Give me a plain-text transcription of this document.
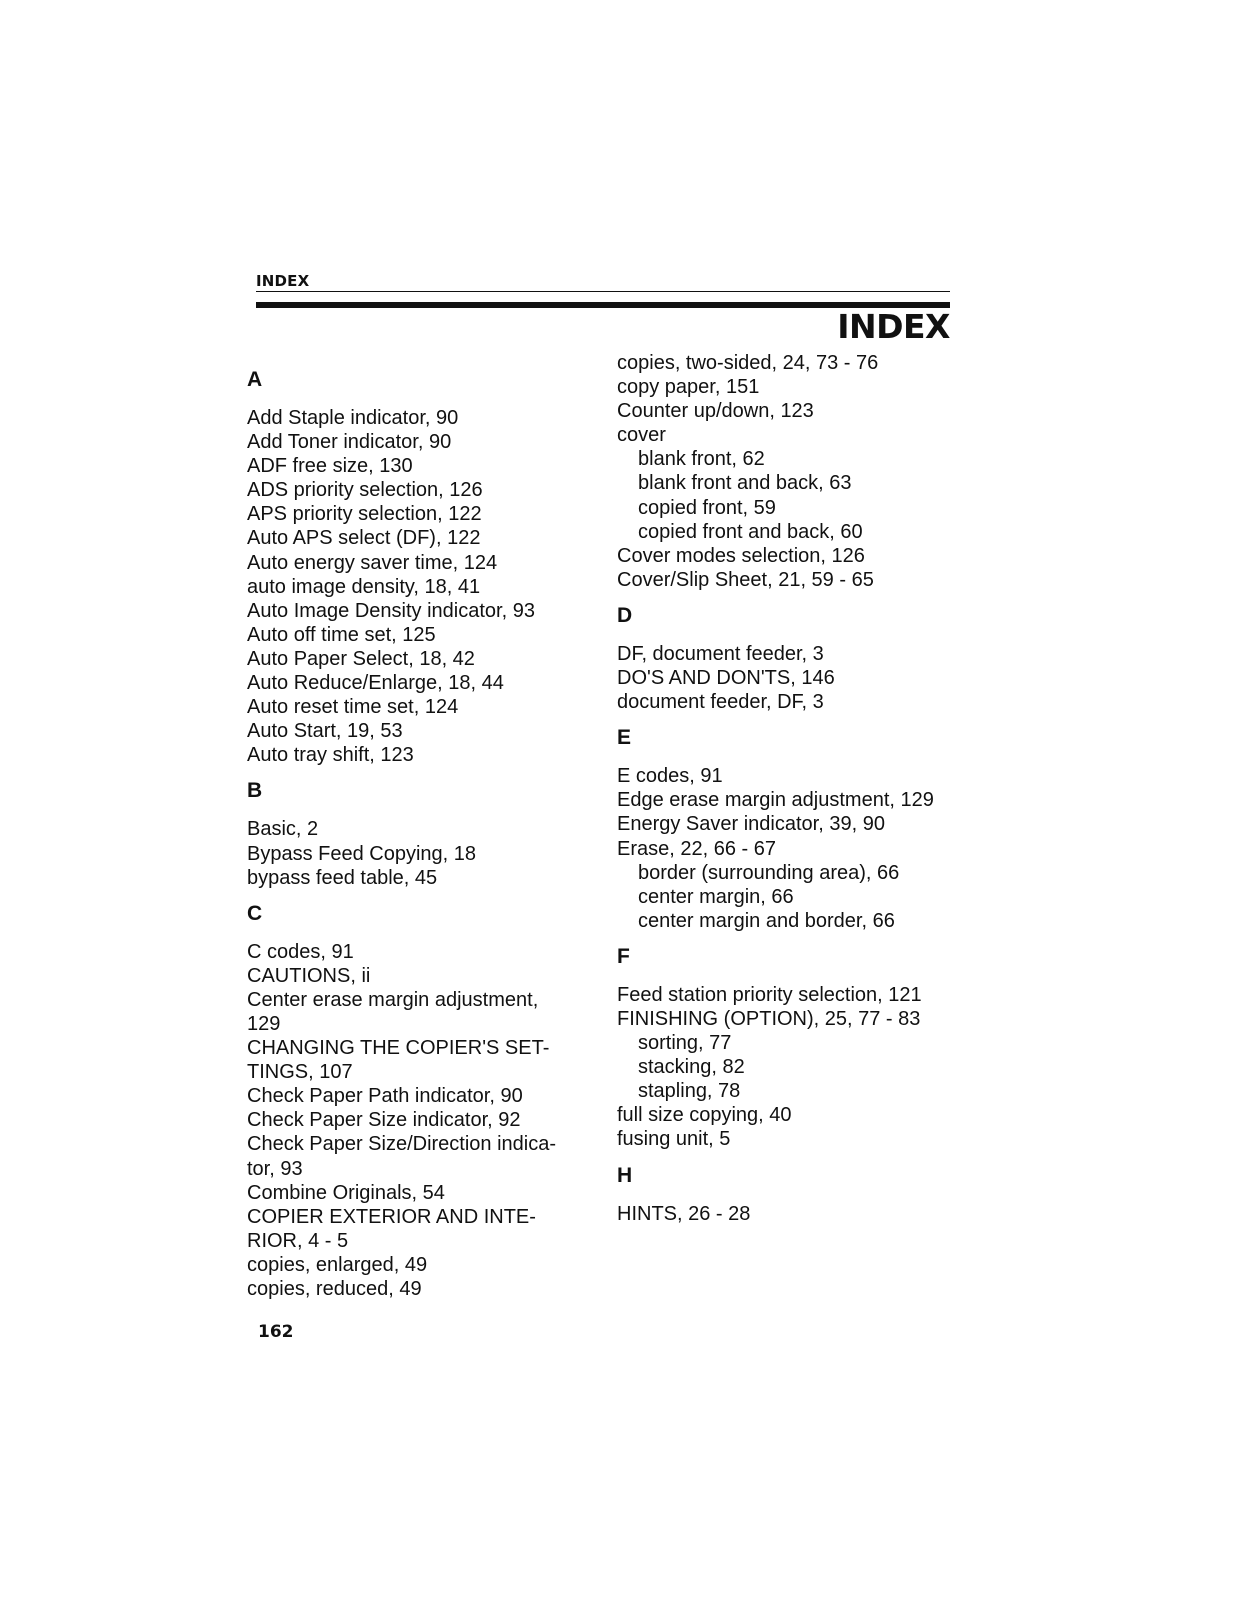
INDEX
INDEX
A
Add Staple indicator, 90
Add Toner indicator, 90
ADF free size, 130
ADS priority selection, 126
APS priority selection, 122
Auto APS select (DF), 122
Auto energy saver time, 124
auto image density, 18, 41
Auto Image Density indicator, 93
Auto off time set, 125
Auto Paper Select, 18, 42
Auto Reduce/Enlarge, 18, 44
Auto reset time set, 124
Auto Start, 19, 53
Auto tray shift, 123
B
Basic, 2
Bypass Feed Copying, 18
bypass feed table, 45
C
C codes, 91
CAUTIONS, ii
Center erase margin adjustment,
129
CHANGING THE COPIER'S SET-
TINGS, 107
Check Paper Path indicator, 90
Check Paper Size indicator, 92
Check Paper Size/Direction indica-
tor, 93
Combine Originals, 54
COPIER EXTERIOR AND INTE-
RIOR, 4 - 5
copies, enlarged, 49
copies, reduced, 49
copies, two-sided, 24, 73 - 76
copy paper, 151
Counter up/down, 123
cover
blank front, 62
blank front and back, 63
copied front, 59
copied front and back, 60
Cover modes selection, 126
Cover/Slip Sheet, 21, 59 - 65
D
DF, document feeder, 3
DO'S AND DON'TS, 146
document feeder, DF, 3
E
E codes, 91
Edge erase margin adjustment, 129
Energy Saver indicator, 39, 90
Erase, 22, 66 - 67
border (surrounding area), 66
center margin, 66
center margin and border, 66
F
Feed station priority selection, 121
FINISHING (OPTION), 25, 77 - 83
sorting, 77
stacking, 82
stapling, 78
full size copying, 40
fusing unit, 5
H
HINTS, 26 - 28
162
